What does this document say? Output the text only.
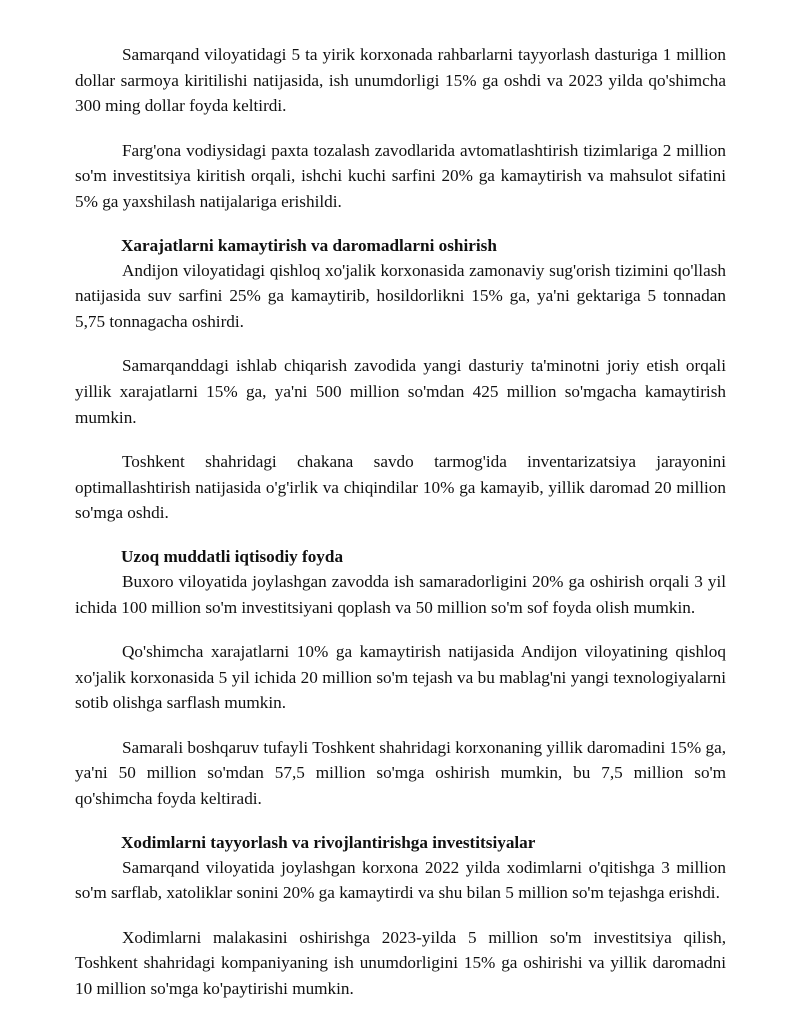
Samarqand viloyatidagi 5 ta yirik korxonada rahbarlarni tayyorlash dasturiga 1 million dollar sarmoya kiritilishi natijasida, ish unumdorligi 15% ga oshdi va 2023 yilda qo'shimcha 300 ming dollar foyda keltirdi.

Farg'ona vodiysidagi paxta tozalash zavodlarida avtomatlashtirish tizimlariga 2 million so'm investitsiya kiritish orqali, ishchi kuchi sarfini 20% ga kamaytirish va mahsulot sifatini 5% ga yaxshilash natijalariga erishildi.

Xarajatlarni kamaytirish va daromadlarni oshirish

Andijon viloyatidagi qishloq xo'jalik korxonasida zamonaviy sug'orish tizimini qo'llash natijasida suv sarfini 25% ga kamaytirib, hosildorlikni 15% ga, ya'ni gektariga 5 tonnadan 5,75 tonnagacha oshirdi.

Samarqanddagi ishlab chiqarish zavodida yangi dasturiy ta'minotni joriy etish orqali yillik xarajatlarni 15% ga, ya'ni 500 million so'mdan 425 million so'mgacha kamaytirish mumkin.

Toshkent shahridagi chakana savdo tarmog'ida inventarizatsiya jarayonini optimallashtirish natijasida o'g'irlik va chiqindilar 10% ga kamayib, yillik daromad 20 million so'mga oshdi.

Uzoq muddatli iqtisodiy foyda

Buxoro viloyatida joylashgan zavodda ish samaradorligini 20% ga oshirish orqali 3 yil ichida 100 million so'm investitsiyani qoplash va 50 million so'm sof foyda olish mumkin.

Qo'shimcha xarajatlarni 10% ga kamaytirish natijasida Andijon viloyatining qishloq xo'jalik korxonasida 5 yil ichida 20 million so'm tejash va bu mablag'ni yangi texnologiyalarni sotib olishga sarflash mumkin.

Samarali boshqaruv tufayli Toshkent shahridagi korxonaning yillik daromadini 15% ga, ya'ni 50 million so'mdan 57,5 million so'mga oshirish mumkin, bu 7,5 million so'm qo'shimcha foyda keltiradi.

Xodimlarni tayyorlash va rivojlantirishga investitsiyalar

Samarqand viloyatida joylashgan korxona 2022 yilda xodimlarni o'qitishga 3 million so'm sarflab, xatoliklar sonini 20% ga kamaytirdi va shu bilan 5 million so'm tejashga erishdi.

Xodimlarni malakasini oshirishga 2023-yilda 5 million so'm investitsiya qilish, Toshkent shahridagi kompaniyaning ish unumdorligini 15% ga oshirishi va yillik daromadni 10 million so'mga ko'paytirishi mumkin.
